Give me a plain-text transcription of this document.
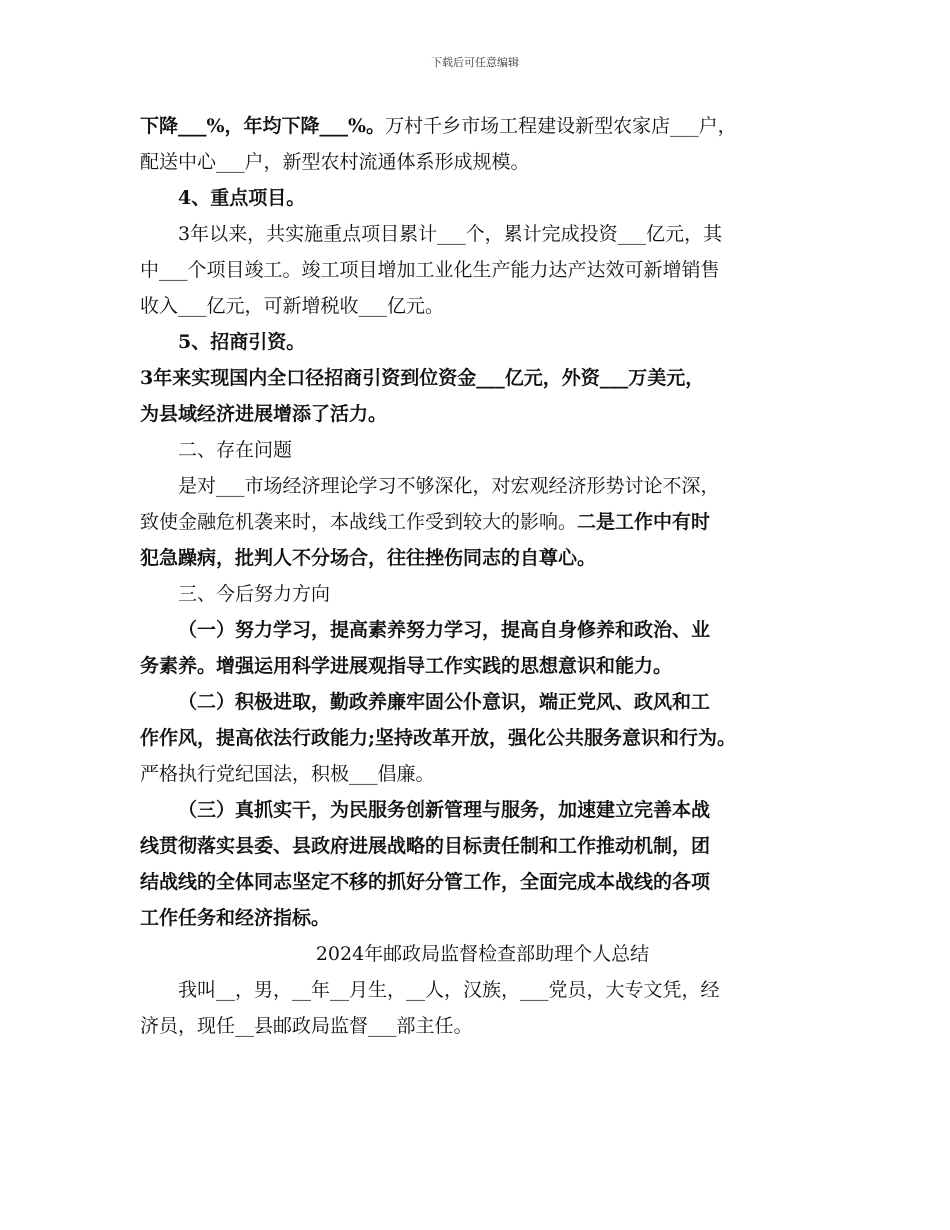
下载后可任意编辑
下降___%，年均下降___%。万村千乡市场工程建设新型农家店___户，
配送中心___户，新型农村流通体系形成规模。
4、重点项目。
3年以来，共实施重点项目累计___个，累计完成投资___亿元，其
中___个项目竣工。竣工项目增加工业化生产能力达产达效可新增销售
收入___亿元，可新增税收___亿元。
5、招商引资。
3年来实现国内全口径招商引资到位资金___亿元，外资___万美元，
为县域经济进展增添了活力。
二、存在问题
是对___市场经济理论学习不够深化，对宏观经济形势讨论不深，
致使金融危机袭来时，本战线工作受到较大的影响。二是工作中有时
犯急躁病，批判人不分场合，往往挫伤同志的自尊心。
三、今后努力方向
（一）努力学习，提高素养努力学习，提高自身修养和政治、业
务素养。增强运用科学进展观指导工作实践的思想意识和能力。
（二）积极进取，勤政养廉牢固公仆意识，端正党风、政风和工
作作风，提高依法行政能力;坚持改革开放，强化公共服务意识和行为。
严格执行党纪国法，积极___倡廉。
（三）真抓实干，为民服务创新管理与服务，加速建立完善本战
线贯彻落实县委、县政府进展战略的目标责任制和工作推动机制，团
结战线的全体同志坚定不移的抓好分管工作，全面完成本战线的各项
工作任务和经济指标。
2024年邮政局监督检查部助理个人总结
我叫__，男，__年__月生，__人，汉族，___党员，大专文凭，经
济员，现任__县邮政局监督___部主任。
